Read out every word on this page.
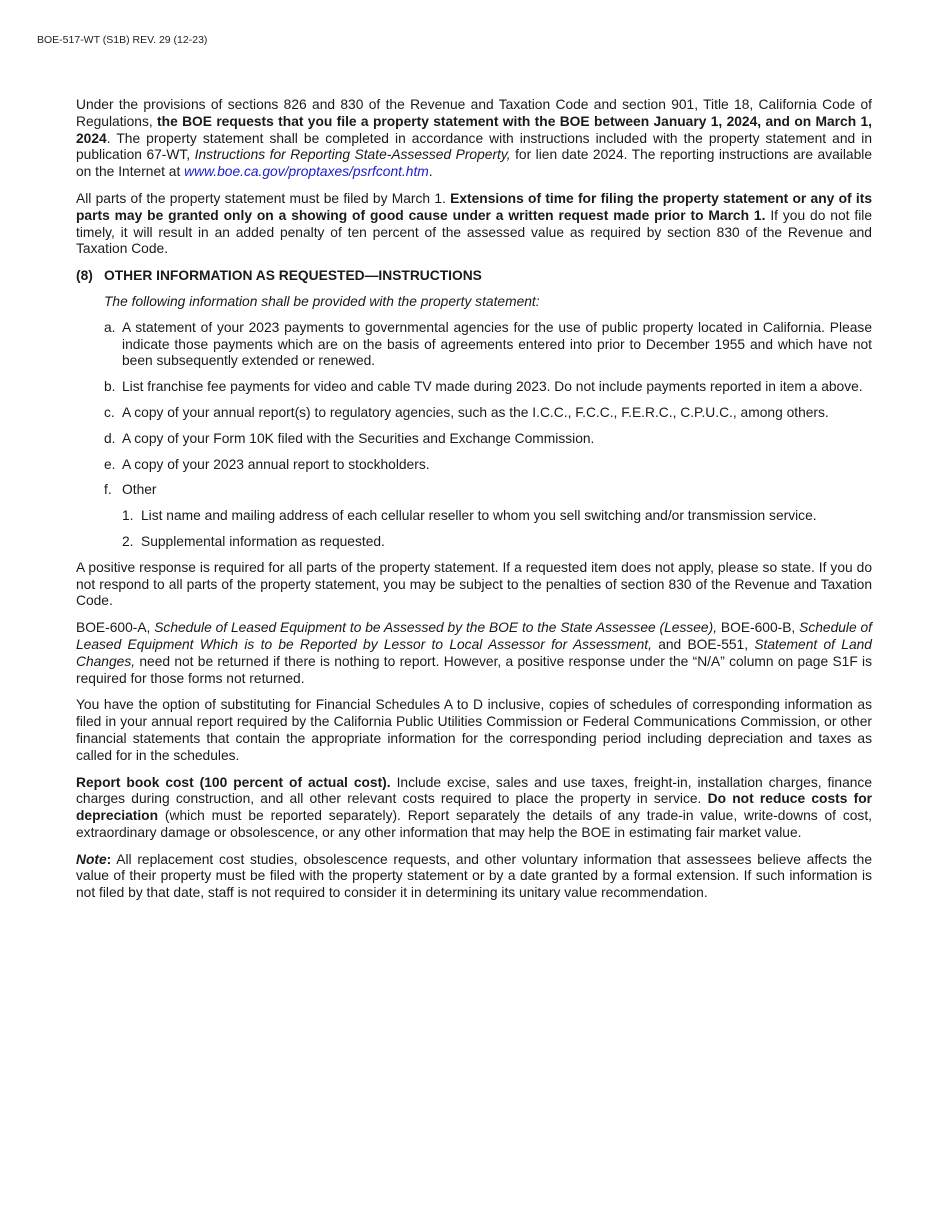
BOE-517-WT (S1B) REV. 29 (12-23)

Under the provisions of sections 826 and 830 of the Revenue and Taxation Code and section 901, Title 18, California Code of Regulations, the BOE requests that you file a property statement with the BOE between January 1, 2024, and on March 1, 2024. The property statement shall be completed in accordance with instructions included with the property statement and in publication 67-WT, Instructions for Reporting State-Assessed Property, for lien date 2024. The reporting instructions are available on the Internet at www.boe.ca.gov/proptaxes/psrfcont.htm.

All parts of the property statement must be filed by March 1. Extensions of time for filing the property statement or any of its parts may be granted only on a showing of good cause under a written request made prior to March 1. If you do not file timely, it will result in an added penalty of ten percent of the assessed value as required by section 830 of the Revenue and Taxation Code.

(8) OTHER INFORMATION AS REQUESTED—INSTRUCTIONS

The following information shall be provided with the property statement:

a. A statement of your 2023 payments to governmental agencies for the use of public property located in California. Please indicate those payments which are on the basis of agreements entered into prior to December 1955 and which have not been subsequently extended or renewed.
b. List franchise fee payments for video and cable TV made during 2023. Do not include payments reported in item a above.
c. A copy of your annual report(s) to regulatory agencies, such as the I.C.C., F.C.C., F.E.R.C., C.P.U.C., among others.
d. A copy of your Form 10K filed with the Securities and Exchange Commission.
e. A copy of your 2023 annual report to stockholders.
f. Other
1. List name and mailing address of each cellular reseller to whom you sell switching and/or transmission service.
2. Supplemental information as requested.

A positive response is required for all parts of the property statement. If a requested item does not apply, please so state. If you do not respond to all parts of the property statement, you may be subject to the penalties of section 830 of the Revenue and Taxation Code.

BOE-600-A, Schedule of Leased Equipment to be Assessed by the BOE to the State Assessee (Lessee), BOE-600-B, Schedule of Leased Equipment Which is to be Reported by Lessor to Local Assessor for Assessment, and BOE-551, Statement of Land Changes, need not be returned if there is nothing to report. However, a positive response under the “N/A” column on page S1F is required for those forms not returned.

You have the option of substituting for Financial Schedules A to D inclusive, copies of schedules of corresponding information as filed in your annual report required by the California Public Utilities Commission or Federal Communications Commission, or other financial statements that contain the appropriate information for the corresponding period including depreciation and taxes as called for in the schedules.

Report book cost (100 percent of actual cost). Include excise, sales and use taxes, freight-in, installation charges, finance charges during construction, and all other relevant costs required to place the property in service. Do not reduce costs for depreciation (which must be reported separately). Report separately the details of any trade-in value, write-downs of cost, extraordinary damage or obsolescence, or any other information that may help the BOE in estimating fair market value.

Note: All replacement cost studies, obsolescence requests, and other voluntary information that assessees believe affects the value of their property must be filed with the property statement or by a date granted by a formal extension. If such information is not filed by that date, staff is not required to consider it in determining its unitary value recommendation.
